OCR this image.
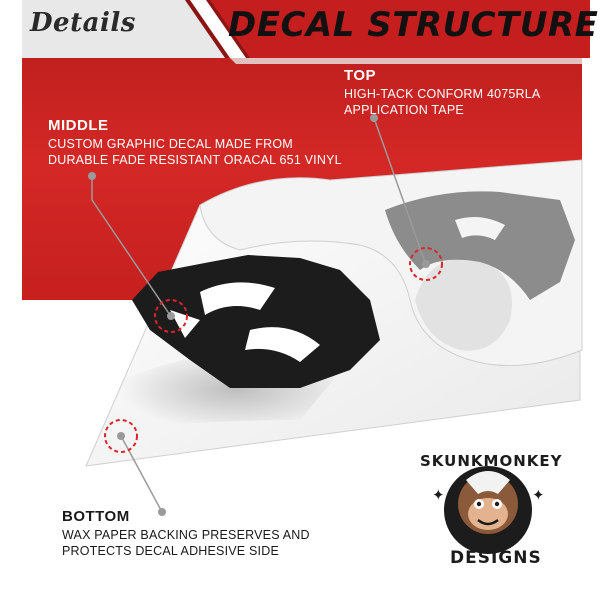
✦	✦
Details	DECAL STRUCTURE
TOP
HIGH-TACK CONFORM 4075RLA
APPLICATION TAPE
MIDDLE
CUSTOM GRAPHIC DECAL MADE FROM
DURABLE FADE RESISTANT ORACAL 651 VINYL
BOTTOM
WAX PAPER BACKING PRESERVES AND
PROTECTS DECAL ADHESIVE SIDE
SKUNKMONKEY
DESIGNS
